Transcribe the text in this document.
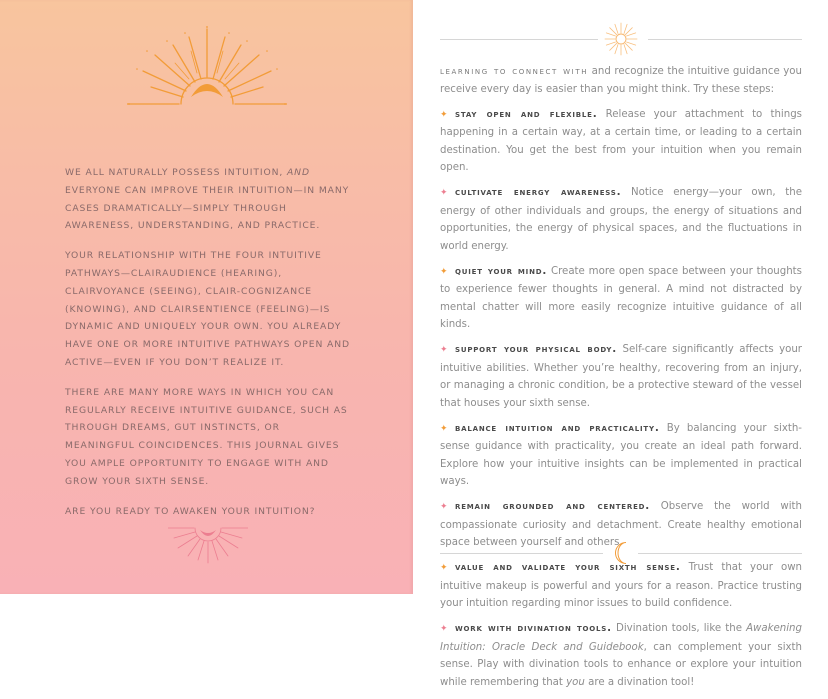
WE ALL NATURALLY POSSESS INTUITION, AND EVERYONE CAN IMPROVE THEIR INTUITION—IN MANY CASES DRAMATICALLY—SIMPLY THROUGH AWARENESS, UNDERSTANDING, AND PRACTICE.

YOUR RELATIONSHIP WITH THE FOUR INTUITIVE PATHWAYS—CLAIRAUDIENCE (HEARING), CLAIRVOYANCE (SEEING), CLAIR-COGNIZANCE (KNOWING), AND CLAIRSENTIENCE (FEELING)—IS DYNAMIC AND UNIQUELY YOUR OWN. YOU ALREADY HAVE ONE OR MORE INTUITIVE PATHWAYS OPEN AND ACTIVE—EVEN IF YOU DON’T REALIZE IT.

THERE ARE MANY MORE WAYS IN WHICH YOU CAN REGULARLY RECEIVE INTUITIVE GUIDANCE, SUCH AS THROUGH DREAMS, GUT INSTINCTS, OR MEANINGFUL COINCIDENCES. THIS JOURNAL GIVES YOU AMPLE OPPORTUNITY TO ENGAGE WITH AND GROW YOUR SIXTH SENSE.

ARE YOU READY TO AWAKEN YOUR INTUITION?

learning to connect with and recognize the intuitive guidance you receive every day is easier than you might think. Try these steps:

✦ stay open and flexible. Release your attachment to things happening in a certain way, at a certain time, or leading to a certain destination. You get the best from your intuition when you remain open.

✦ cultivate energy awareness. Notice energy—your own, the energy of other individuals and groups, the energy of situations and opportunities, the energy of physical spaces, and the fluctuations in world energy.

✦ quiet your mind. Create more open space between your thoughts to experience fewer thoughts in general. A mind not distracted by mental chatter will more easily recognize intuitive guidance of all kinds.

✦ support your physical body. Self-care significantly affects your intuitive abilities. Whether you’re healthy, recovering from an injury, or managing a chronic condition, be a protective steward of the vessel that houses your sixth sense.

✦ balance intuition and practicality. By balancing your sixth-sense guidance with practicality, you create an ideal path forward. Explore how your intuitive insights can be implemented in practical ways.

✦ remain grounded and centered. Observe the world with compassionate curiosity and detachment. Create healthy emotional space between yourself and others.

✦ value and validate your sixth sense. Trust that your own intuitive makeup is powerful and yours for a reason. Practice trusting your intuition regarding minor issues to build confidence.

✦ work with divination tools. Divination tools, like the Awakening Intuition: Oracle Deck and Guidebook, can complement your sixth sense. Play with divination tools to enhance or explore your intuition while remembering that you are a divination tool!
